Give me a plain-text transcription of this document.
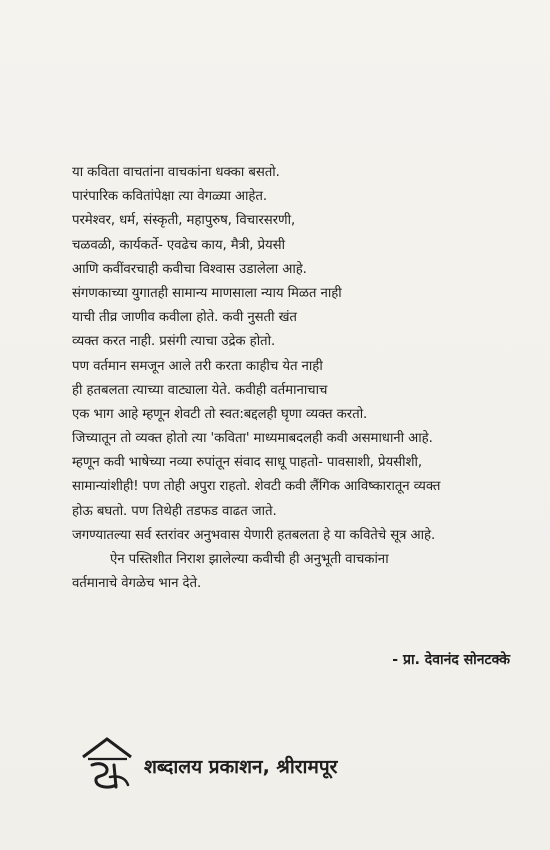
या कविता वाचतांना वाचकांना धक्का बसतो.
पारंपारिक कवितांपेक्षा त्या वेगळ्या आहेत.
परमेश्वर, धर्म, संस्कृती, महापुरुष, विचारसरणी,
चळवळी, कार्यकर्ते- एवढेच काय, मैत्री, प्रेयसी
आणि कवींवरचाही कवीचा विश्वास उडालेला आहे.
संगणकाच्या युगातही सामान्य माणसाला न्याय मिळत नाही
याची तीव्र जाणीव कवीला होते. कवी नुसती खंत
व्यक्त करत नाही. प्रसंगी त्याचा उद्रेक होतो.
पण वर्तमान समजून आले तरी करता काहीच येत नाही
ही हतबलता त्याच्या वाट्याला येते. कवीही वर्तमानाचाच
एक भाग आहे म्हणून शेवटी तो स्वत:बद्दलही घृणा व्यक्त करतो.
जिच्यातून तो व्यक्त होतो त्या 'कविता' माध्यमाबदलही कवी असमाधानी आहे.
म्हणून कवी भाषेच्या नव्या रुपांतून संवाद साधू पाहतो- पावसाशी, प्रेयसीशी,
सामान्यांशीही! पण तोही अपुरा राहतो. शेवटी कवी लैंगिक आविष्कारातून व्यक्त
होऊ बघतो. पण तिथेही तडफड वाढत जाते.
जगण्यातल्या सर्व स्तरांवर अनुभवास येणारी हतबलता हे या कवितेचे सूत्र आहे.
ऐन पस्तिशीत निराश झालेल्या कवीची ही अनुभूती वाचकांना
वर्तमानाचे वेगळेच भान देते.
- प्रा. देवानंद सोनटक्के
शब्दालय प्रकाशन, श्रीरामपूर
